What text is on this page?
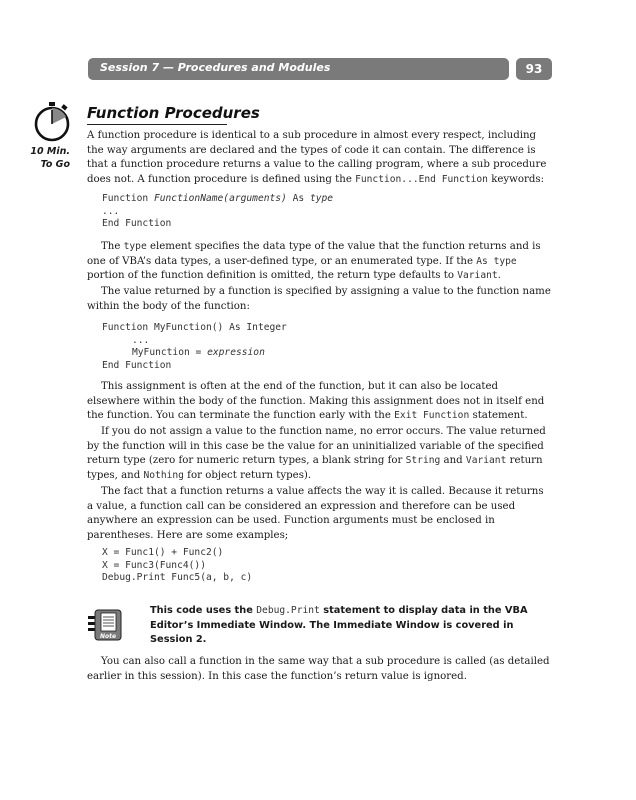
Session 7 — Procedures and Modules	93
10 Min.
To Go
Function Procedures

A function procedure is identical to a sub procedure in almost every respect, including the way arguments are declared and the types of code it can contain. The difference is that a function procedure returns a value to the calling program, where a sub procedure does not. A function procedure is defined using the Function...End Function keywords:

Function FunctionName(arguments) As type
...
End Function

The type element specifies the data type of the value that the function returns and is one of VBA’s data types, a user-defined type, or an enumerated type. If the As type portion of the function definition is omitted, the return type defaults to Variant.

The value returned by a function is specified by assigning a value to the function name within the body of the function:

Function MyFunction() As Integer
...
MyFunction = expression
End Function

This assignment is often at the end of the function, but it can also be located elsewhere within the body of the function. Making this assignment does not in itself end the function. You can terminate the function early with the Exit Function statement.

If you do not assign a value to the function name, no error occurs. The value returned by the function will in this case be the value for an uninitialized variable of the specified return type (zero for numeric return types, a blank string for String and Variant return types, and Nothing for object return types).

The fact that a function returns a value affects the way it is called. Because it returns a value, a function call can be considered an expression and therefore can be used anywhere an expression can be used. Function arguments must be enclosed in parentheses. Here are some examples;

X = Func1() + Func2()
X = Func3(Func4())
Debug.Print Func5(a, b, c)
Note

This code uses the Debug.Print statement to display data in the VBA Editor’s Immediate Window. The Immediate Window is covered in Session 2.

You can also call a function in the same way that a sub procedure is called (as detailed earlier in this session). In this case the function’s return value is ignored.
